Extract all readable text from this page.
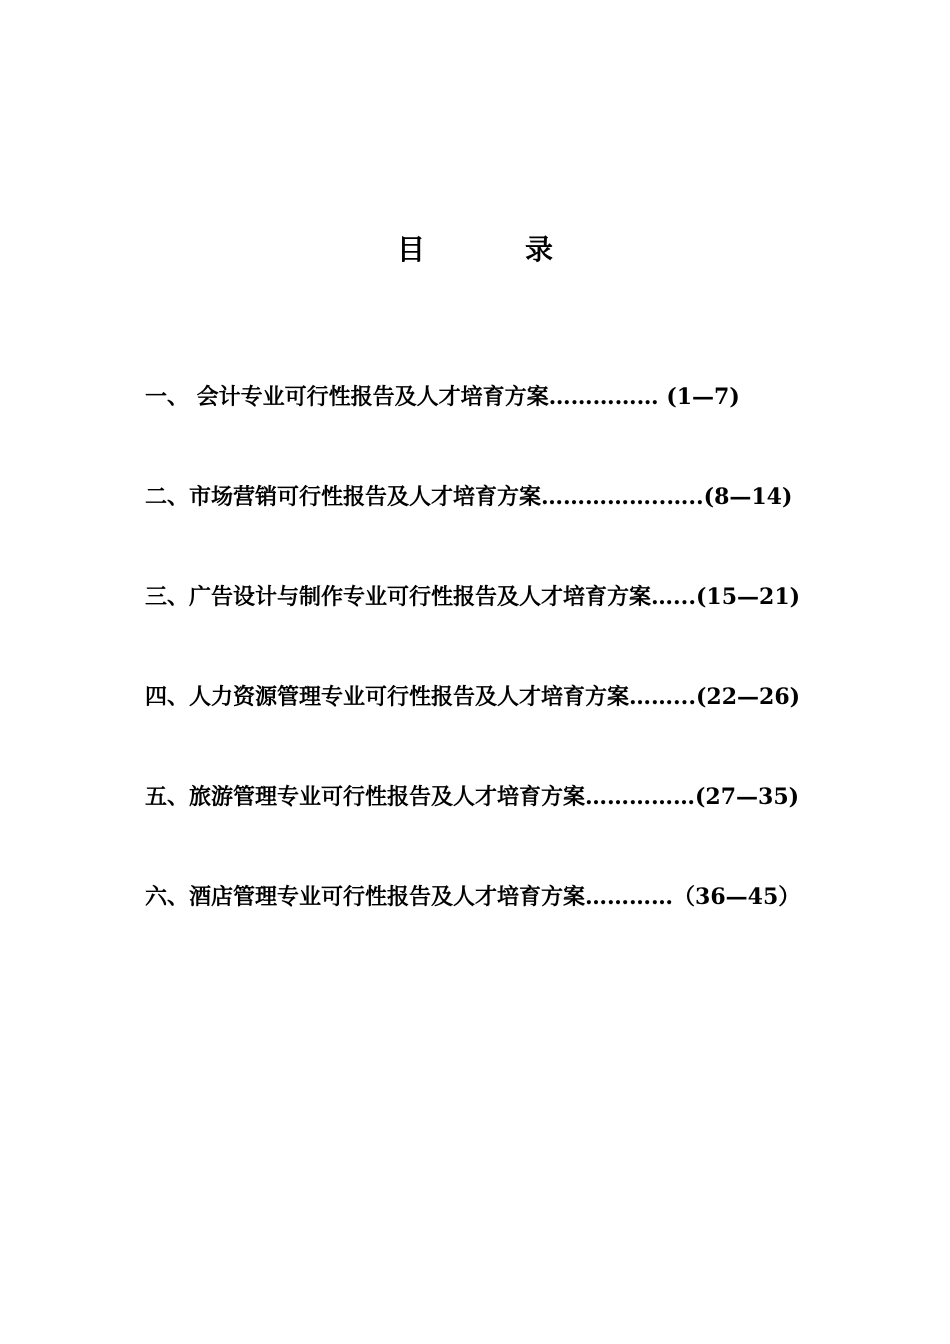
目　录
一、 会计专业可行性报告及人才培育方案…………… (1—7)
二、市场营销可行性报告及人才培育方案……………..…..(8—14)
三、广告设计与制作专业可行性报告及人才培育方案…...(15—21)
四、人力资源管理专业可行性报告及人才培育方案……...(22—26)
五、旅游管理专业可行性报告及人才培育方案……………(27—35)
六、酒店管理专业可行性报告及人才培育方案…………（36—45）
